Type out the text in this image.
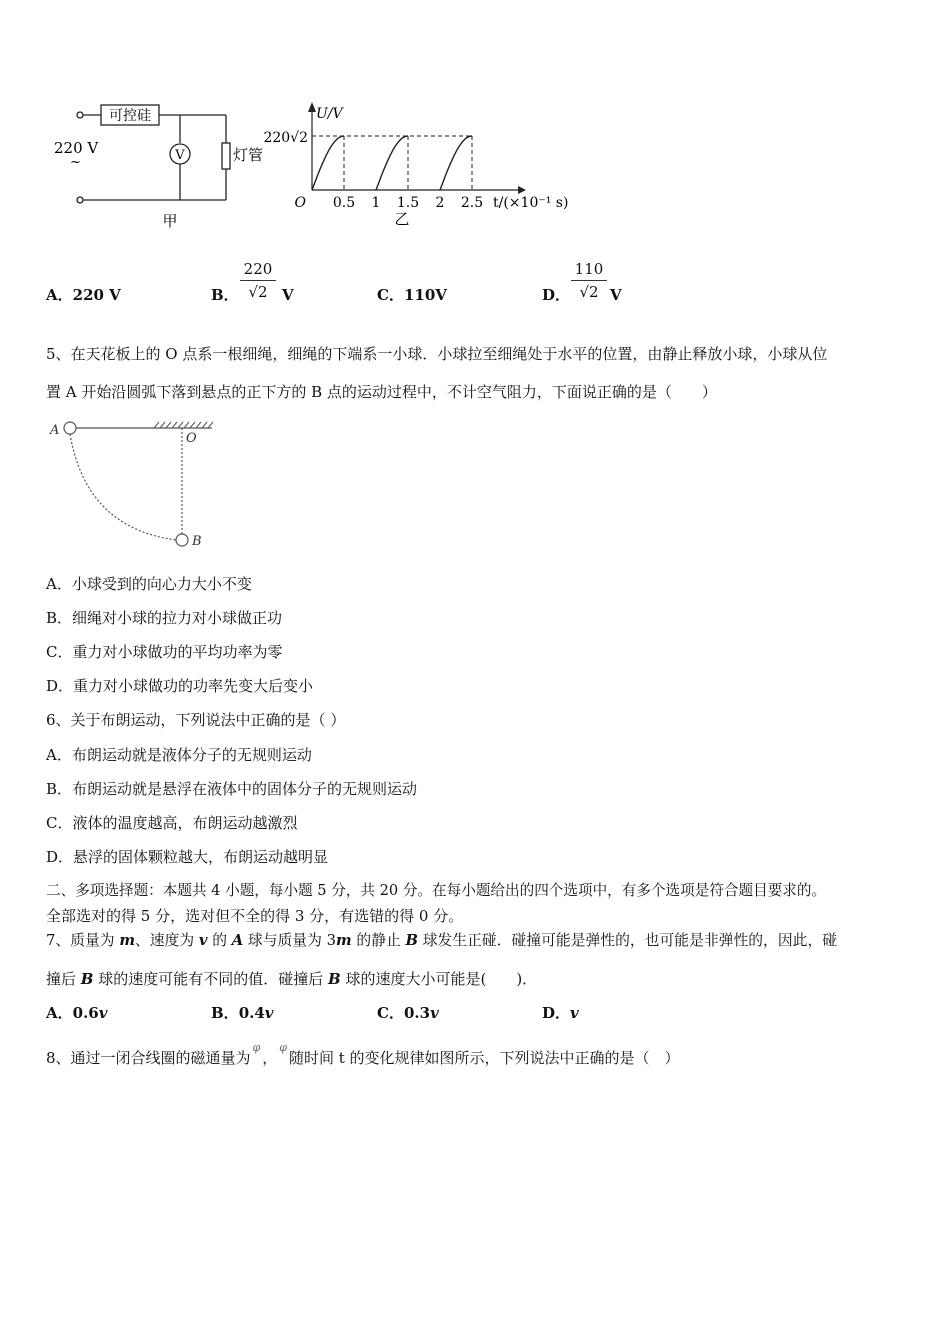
可控硅
220 V
~	V	灯管
甲
0.5 1 1.5 2 2.5
U/V
220√2
O	t/(×10⁻¹ s)
乙
A．220 V	B． $\frac{220}{√2}$ V	C．110V	D． $\frac{110}{√2}$ V
5、在天花板上的 O 点系一根细绳，细绳的下端系一小球．小球拉至细绳处于水平的位置，由静止释放小球，小球从位
置 A 开始沿圆弧下落到悬点的正下方的 B 点的运动过程中，不计空气阻力，下面说正确的是（　　）
A
O
B
A．小球受到的向心力大小不变
B．细绳对小球的拉力对小球做正功
C．重力对小球做功的平均功率为零
D．重力对小球做功的功率先变大后变小
6、关于布朗运动，下列说法中正确的是（ ）
A．布朗运动就是液体分子的无规则运动
B．布朗运动就是悬浮在液体中的固体分子的无规则运动
C．液体的温度越高，布朗运动越激烈
D．悬浮的固体颗粒越大，布朗运动越明显
二、多项选择题：本题共 4 小题，每小题 5 分，共 20 分。在每小题给出的四个选项中，有多个选项是符合题目要求的。
全部选对的得 5 分，选对但不全的得 3 分，有选错的得 0 分。
7、质量为 m、速度为 v 的 A 球与质量为 3m 的静止 B 球发生正碰．碰撞可能是弹性的，也可能是非弹性的，因此，碰
撞后 B 球的速度可能有不同的值．碰撞后 B 球的速度大小可能是(　　)．
A．0.6v	B．0.4v	C．0.3v	D．v
8、通过一闭合线圈的磁通量为$^\varphi$，$^\varphi$随时间 t 的变化规律如图所示，下列说法中正确的是（　）
